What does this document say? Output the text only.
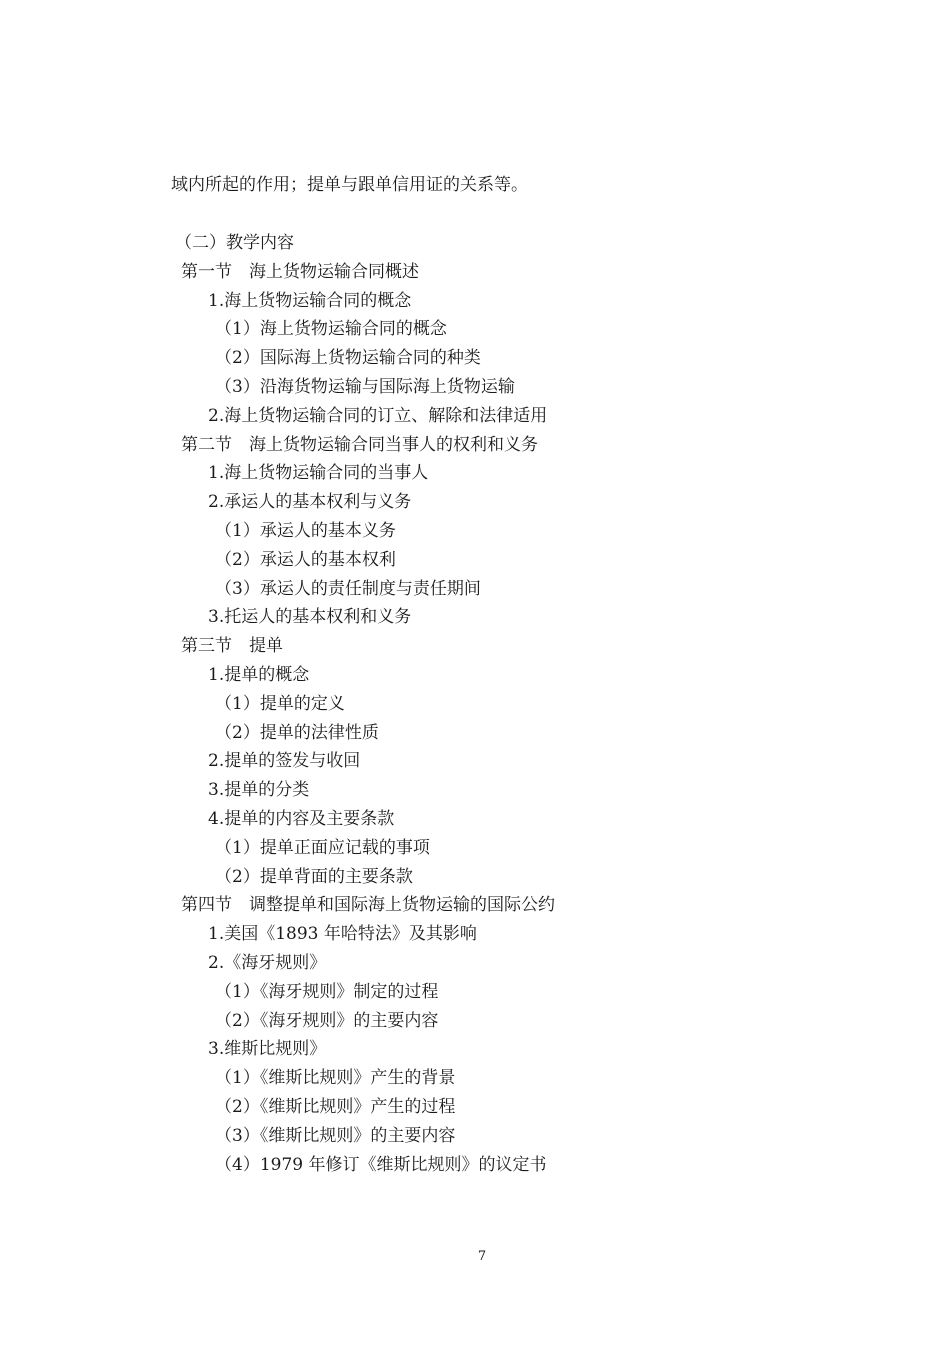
域内所起的作用；提单与跟单信用证的关系等。
（二）教学内容
第一节　海上货物运输合同概述
1.海上货物运输合同的概念
（1）海上货物运输合同的概念
（2）国际海上货物运输合同的种类
（3）沿海货物运输与国际海上货物运输
2.海上货物运输合同的订立、解除和法律适用
第二节　海上货物运输合同当事人的权利和义务
1.海上货物运输合同的当事人
2.承运人的基本权利与义务
（1）承运人的基本义务
（2）承运人的基本权利
（3）承运人的责任制度与责任期间
3.托运人的基本权利和义务
第三节　提单
1.提单的概念
（1）提单的定义
（2）提单的法律性质
2.提单的签发与收回
3.提单的分类
4.提单的内容及主要条款
（1）提单正面应记载的事项
（2）提单背面的主要条款
第四节　调整提单和国际海上货物运输的国际公约
1.美国《1893 年哈特法》及其影响
2.《海牙规则》
（1）《海牙规则》制定的过程
（2）《海牙规则》的主要内容
3.维斯比规则》
（1）《维斯比规则》产生的背景
（2）《维斯比规则》产生的过程
（3）《维斯比规则》的主要内容
（4）1979 年修订《维斯比规则》的议定书
7
